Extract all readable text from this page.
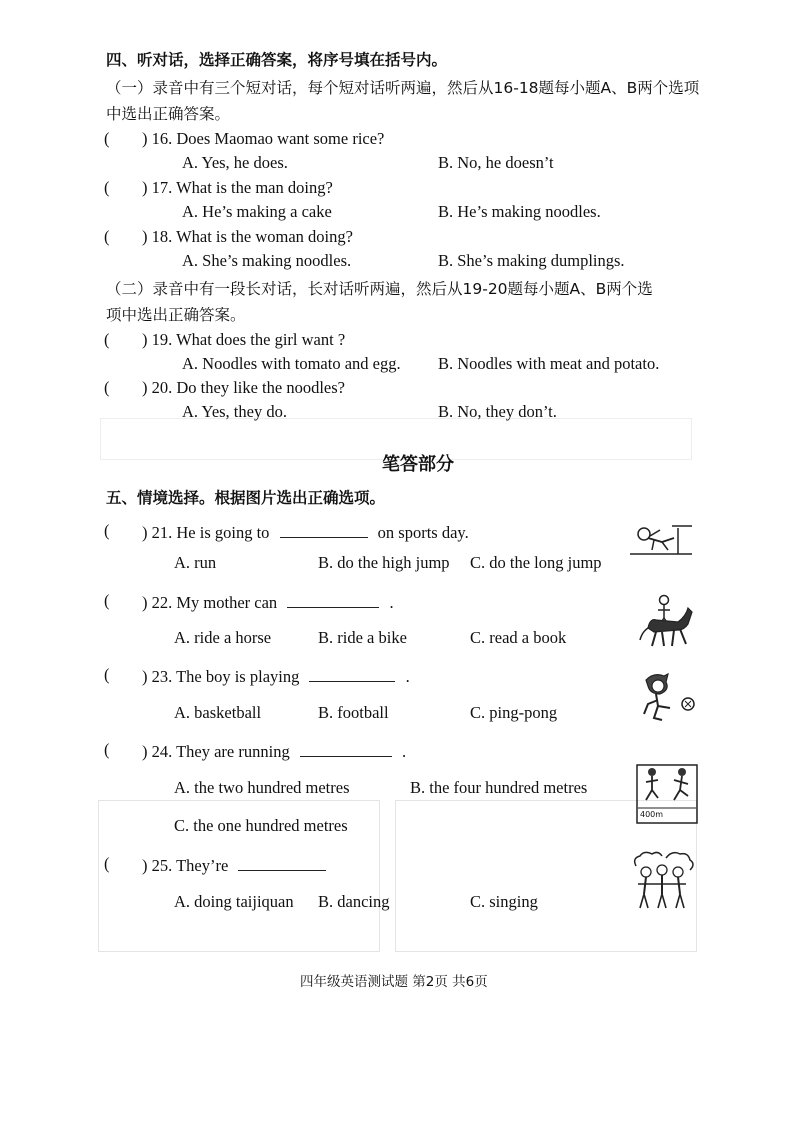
四、听对话，选择正确答案，将序号填在括号内。
（一）录音中有三个短对话，每个短对话听两遍，然后从16-18题每小题A、B两个选项
中选出正确答案。
( ) 16. Does Maomao want some rice?
A. Yes, he does.	B. No, he doesn’t
( ) 17. What is the man doing?
A. He’s making a cake	B. He’s making noodles.
( ) 18. What is the woman doing?
A. She’s making noodles.	B. She’s making dumplings.
（二）录音中有一段长对话，长对话听两遍，然后从19-20题每小题A、B两个选
项中选出正确答案。
( ) 19. What does the girl want ?
A. Noodles with tomato and egg. B. Noodles with meat and potato.
( ) 20. Do they like the noodles?
A. Yes, they do.	B. No, they don’t.
笔答部分
五、情境选择。根据图片选出正确选项。
( ) 21. He is going to	on sports day.
A. run	B. do the high jump C. do the long jump
( ) 22. My mother can	.
A. ride a horse	B. ride a bike	C. read a book
( ) 23. The boy is playing	.
A. basketball	B. football	C. ping-pong
( ) 24. They are running	.
A. the two hundred metres	B. the four hundred metres
C. the one hundred metres
400m
( ) 25. They’re
A. doing taijiquan B. dancing	C. singing
四年级英语测试题 第2页 共6页
